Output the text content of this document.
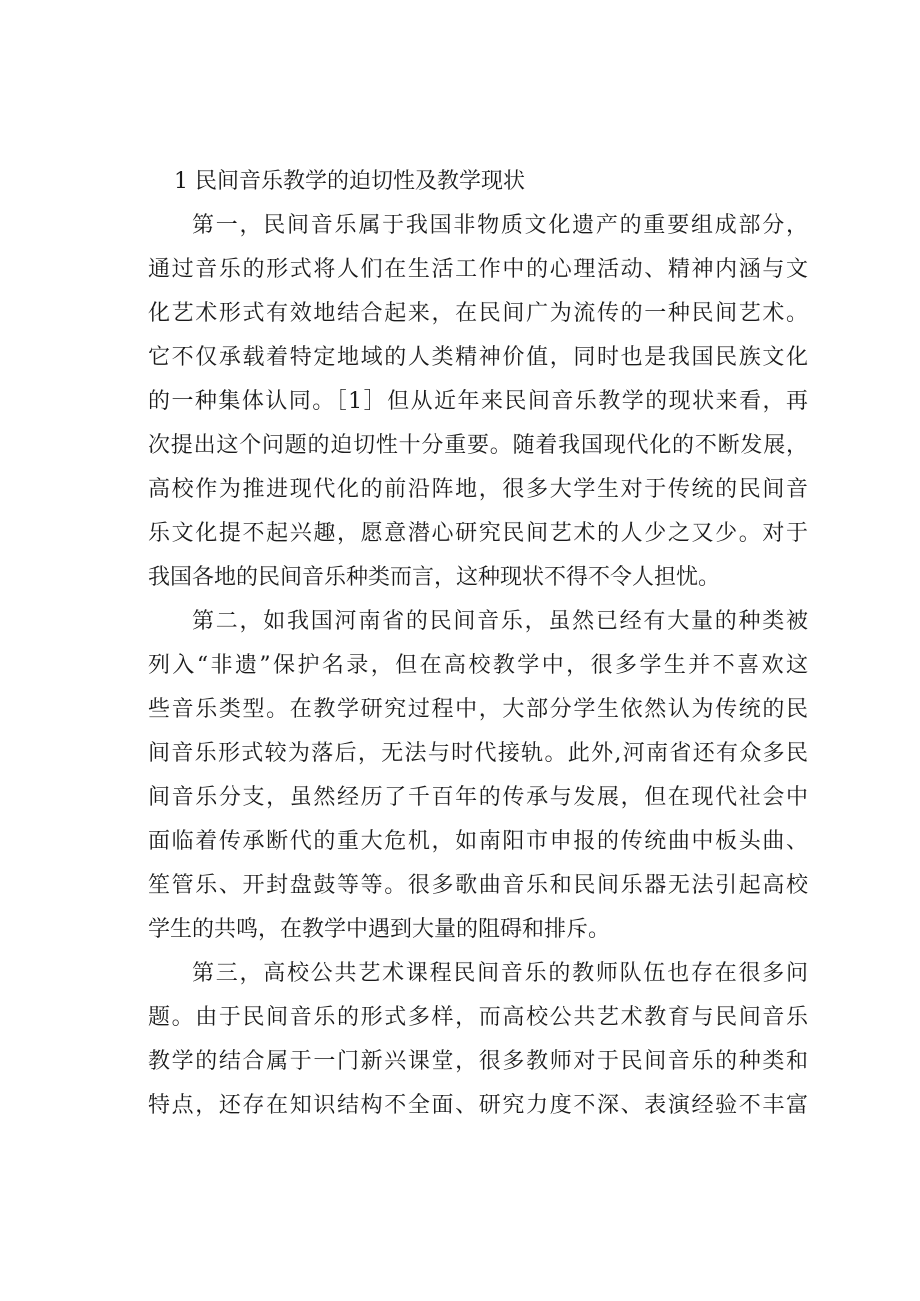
1 民间音乐教学的迫切性及教学现状
第一，民间音乐属于我国非物质文化遗产的重要组成部分，
通过音乐的形式将人们在生活工作中的心理活动、精神内涵与文
化艺术形式有效地结合起来，在民间广为流传的一种民间艺术。
它不仅承载着特定地域的人类精神价值，同时也是我国民族文化
的一种集体认同。［1］但从近年来民间音乐教学的现状来看，再
次提出这个问题的迫切性十分重要。随着我国现代化的不断发展，
高校作为推进现代化的前沿阵地，很多大学生对于传统的民间音
乐文化提不起兴趣，愿意潜心研究民间艺术的人少之又少。对于
我国各地的民间音乐种类而言，这种现状不得不令人担忧。
第二，如我国河南省的民间音乐，虽然已经有大量的种类被
列入“非遗”保护名录，但在高校教学中，很多学生并不喜欢这
些音乐类型。在教学研究过程中，大部分学生依然认为传统的民
间音乐形式较为落后，无法与时代接轨。此外,河南省还有众多民
间音乐分支，虽然经历了千百年的传承与发展，但在现代社会中
面临着传承断代的重大危机，如南阳市申报的传统曲中板头曲、
笙管乐、开封盘鼓等等。很多歌曲音乐和民间乐器无法引起高校
学生的共鸣，在教学中遇到大量的阻碍和排斥。
第三，高校公共艺术课程民间音乐的教师队伍也存在很多问
题。由于民间音乐的形式多样，而高校公共艺术教育与民间音乐
教学的结合属于一门新兴课堂，很多教师对于民间音乐的种类和
特点，还存在知识结构不全面、研究力度不深、表演经验不丰富
